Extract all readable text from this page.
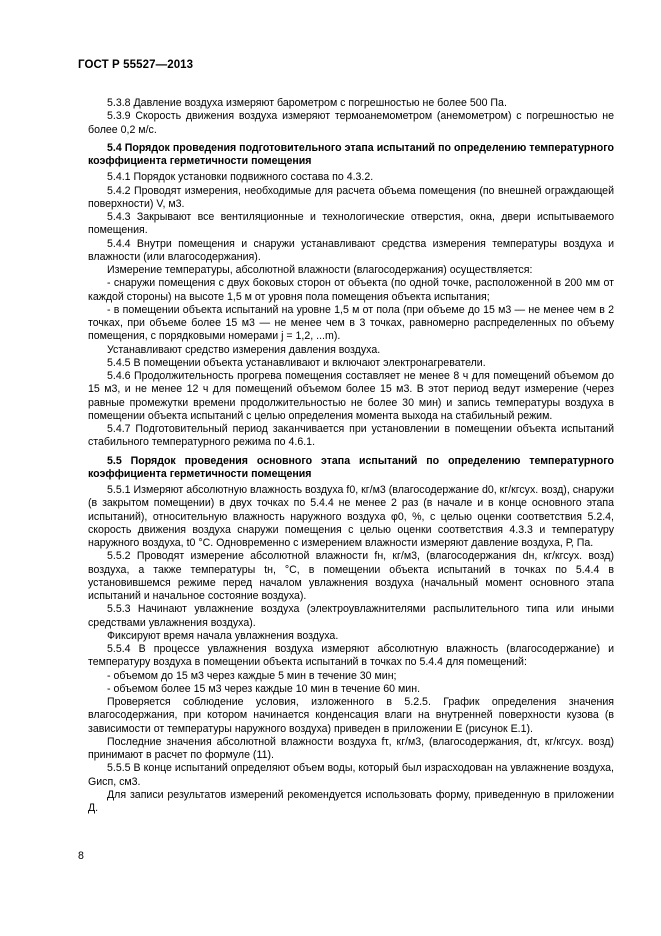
ГОСТ Р 55527—2013

5.3.8 Давление воздуха измеряют барометром с погрешностью не более 500 Па.

5.3.9 Скорость движения воздуха измеряют термоанемометром (анемометром) с погрешностью не более 0,2 м/с.

5.4 Порядок проведения подготовительного этапа испытаний по определению температурного коэффициента герметичности помещения

5.4.1 Порядок установки подвижного состава по 4.3.2.

5.4.2 Проводят измерения, необходимые для расчета объема помещения (по внешней ограждающей поверхности) V, м3.

5.4.3 Закрывают все вентиляционные и технологические отверстия, окна, двери испытываемого помещения.

5.4.4 Внутри помещения и снаружи устанавливают средства измерения температуры воздуха и влажности (или влагосодержания).

Измерение температуры, абсолютной влажности (влагосодержания) осуществляется:

- снаружи помещения с двух боковых сторон от объекта (по одной точке, расположенной в 200 мм от каждой стороны) на высоте 1,5 м от уровня пола помещения объекта испытания;

- в помещении объекта испытаний на уровне 1,5 м от пола (при объеме до 15 м3 — не менее чем в 2 точках, при объеме более 15 м3 — не менее чем в 3 точках, равномерно распределенных по объему помещения, с порядковыми номерами j = 1,2, ...m).

Устанавливают средство измерения давления воздуха.

5.4.5 В помещении объекта устанавливают и включают электронагреватели.

5.4.6 Продолжительность прогрева помещения составляет не менее 8 ч для помещений объемом до 15 м3, и не менее 12 ч для помещений объемом более 15 м3. В этот период ведут измерение (через равные промежутки времени продолжительностью не более 30 мин) и запись температуры воздуха в помещении объекта испытаний с целью определения момента выхода на стабильный режим.

5.4.7 Подготовительный период заканчивается при установлении в помещении объекта испытаний стабильного температурного режима по 4.6.1.

5.5 Порядок проведения основного этапа испытаний по определению температурного коэффициента герметичности помещения

5.5.1 Измеряют абсолютную влажность воздуха f0, кг/м3 (влагосодержание d0, кг/кгсух. возд), снаружи (в закрытом помещении) в двух точках по 5.4.4 не менее 2 раз (в начале и в конце основного этапа испытаний), относительную влажность наружного воздуха φ0, %, с целью оценки соответствия 5.2.4, скорость движения воздуха снаружи помещения с целью оценки соответствия 4.3.3 и температуру наружного воздуха, t0 °С. Одновременно с измерением влажности измеряют давление воздуха, Р, Па.

5.5.2 Проводят измерение абсолютной влажности fн, кг/м3, (влагосодержания dн, кг/кгсух. возд) воздуха, а также температуры tн, °С, в помещении объекта испытаний в точках по 5.4.4 в установившемся режиме перед началом увлажнения воздуха (начальный момент основного этапа испытаний и начальное состояние воздуха).

5.5.3 Начинают увлажнение воздуха (электроувлажнителями распылительного типа или иными средствами увлажнения воздуха).

Фиксируют время начала увлажнения воздуха.

5.5.4 В процессе увлажнения воздуха измеряют абсолютную влажность (влагосодержание) и температуру воздуха в помещении объекта испытаний в точках по 5.4.4 для помещений:

- объемом до 15 м3 через каждые 5 мин в течение 30 мин;

- объемом более 15 м3 через каждые 10 мин в течение 60 мин.

Проверяется соблюдение условия, изложенного в 5.2.5. График определения значения влагосодержания, при котором начинается конденсация влаги на внутренней поверхности кузова (в зависимости от температуры наружного воздуха) приведен в приложении Е (рисунок Е.1).

Последние значения абсолютной влажности воздуха fτ, кг/м3, (влагосодержания, dτ, кг/кгсух. возд) принимают в расчет по формуле (11).

5.5.5 В конце испытаний определяют объем воды, который был израсходован на увлажнение воздуха, Gисп, см3.

Для записи результатов измерений рекомендуется использовать форму, приведенную в приложении Д.

8
